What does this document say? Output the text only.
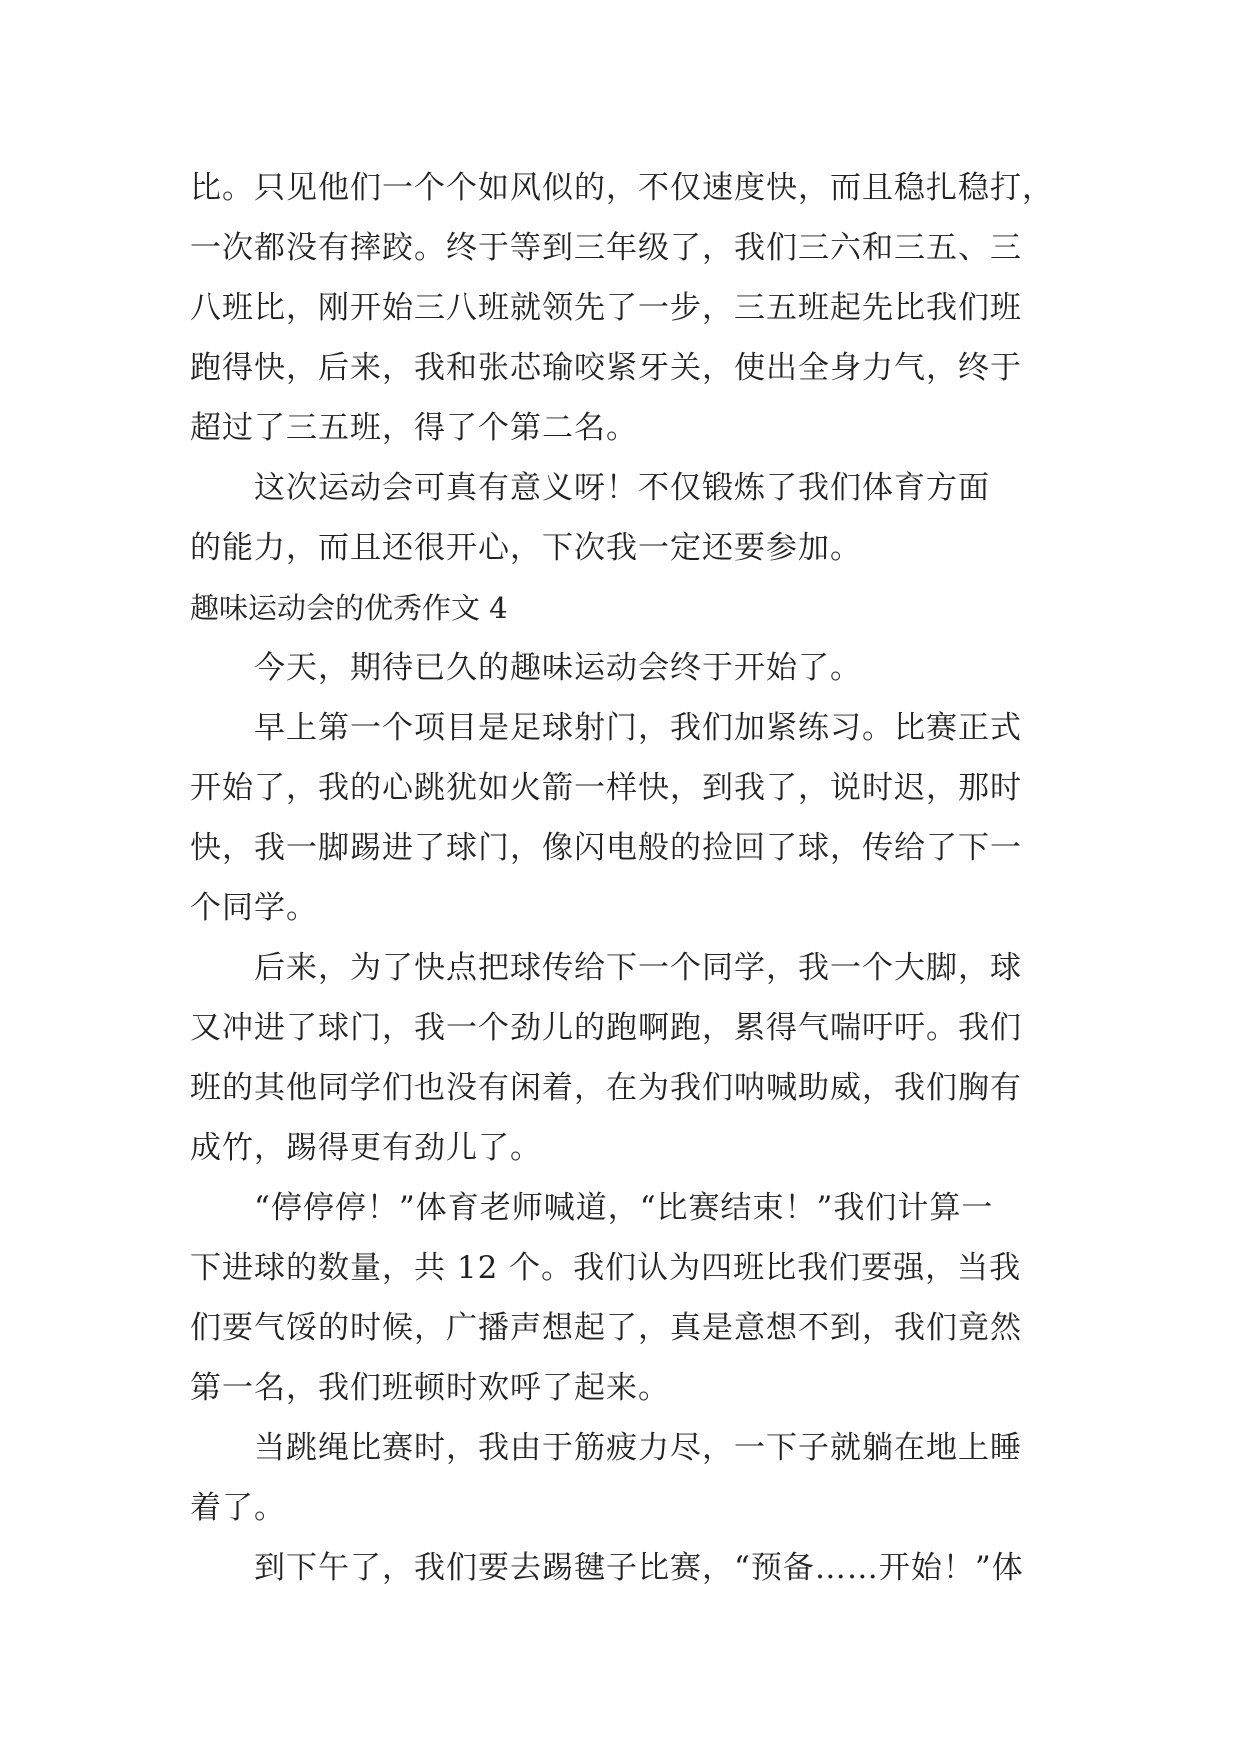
比。只见他们一个个如风似的，不仅速度快，而且稳扎稳打，
一次都没有摔跤。终于等到三年级了，我们三六和三五、三
八班比，刚开始三八班就领先了一步，三五班起先比我们班
跑得快，后来，我和张芯瑜咬紧牙关，使出全身力气，终于
超过了三五班，得了个第二名。
这次运动会可真有意义呀！不仅锻炼了我们体育方面
的能力，而且还很开心，下次我一定还要参加。
趣味运动会的优秀作文 4
今天，期待已久的趣味运动会终于开始了。
早上第一个项目是足球射门，我们加紧练习。比赛正式
开始了，我的心跳犹如火箭一样快，到我了，说时迟，那时
快，我一脚踢进了球门，像闪电般的捡回了球，传给了下一
个同学。
后来，为了快点把球传给下一个同学，我一个大脚，球
又冲进了球门，我一个劲儿的跑啊跑，累得气喘吁吁。我们
班的其他同学们也没有闲着，在为我们呐喊助威，我们胸有
成竹，踢得更有劲儿了。
“停停停！”体育老师喊道，“比赛结束！”我们计算一
下进球的数量，共 12 个。我们认为四班比我们要强，当我
们要气馁的时候，广播声想起了，真是意想不到，我们竟然
第一名，我们班顿时欢呼了起来。
当跳绳比赛时，我由于筋疲力尽，一下子就躺在地上睡
着了。
到下午了，我们要去踢毽子比赛，“预备……开始！”体
